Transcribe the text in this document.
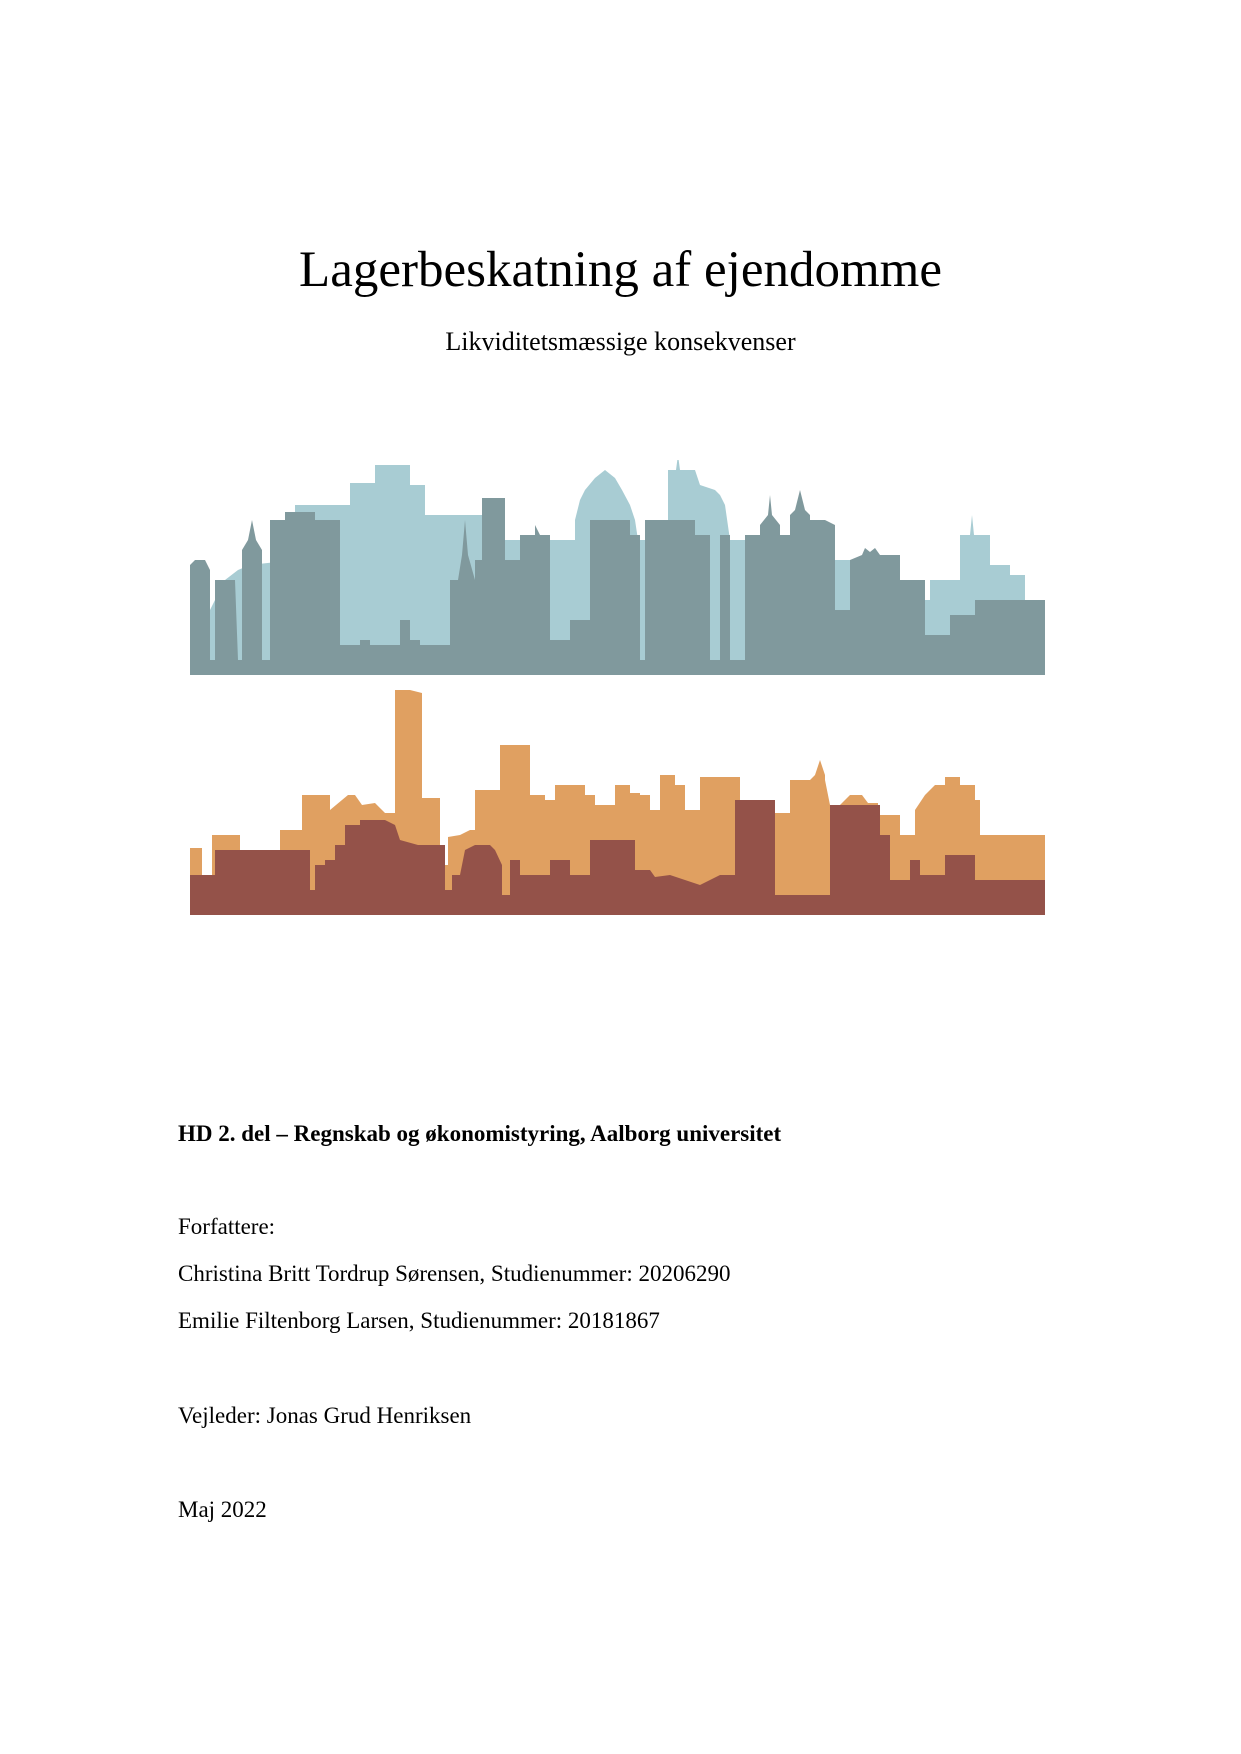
Lagerbeskatning af ejendomme

Likviditetsmæssige konsekvenser

HD 2. del – Regnskab og økonomistyring, Aalborg universitet

Forfattere:

Christina Britt Tordrup Sørensen, Studienummer: 20206290

Emilie Filtenborg Larsen, Studienummer: 20181867

Vejleder: Jonas Grud Henriksen

Maj 2022
